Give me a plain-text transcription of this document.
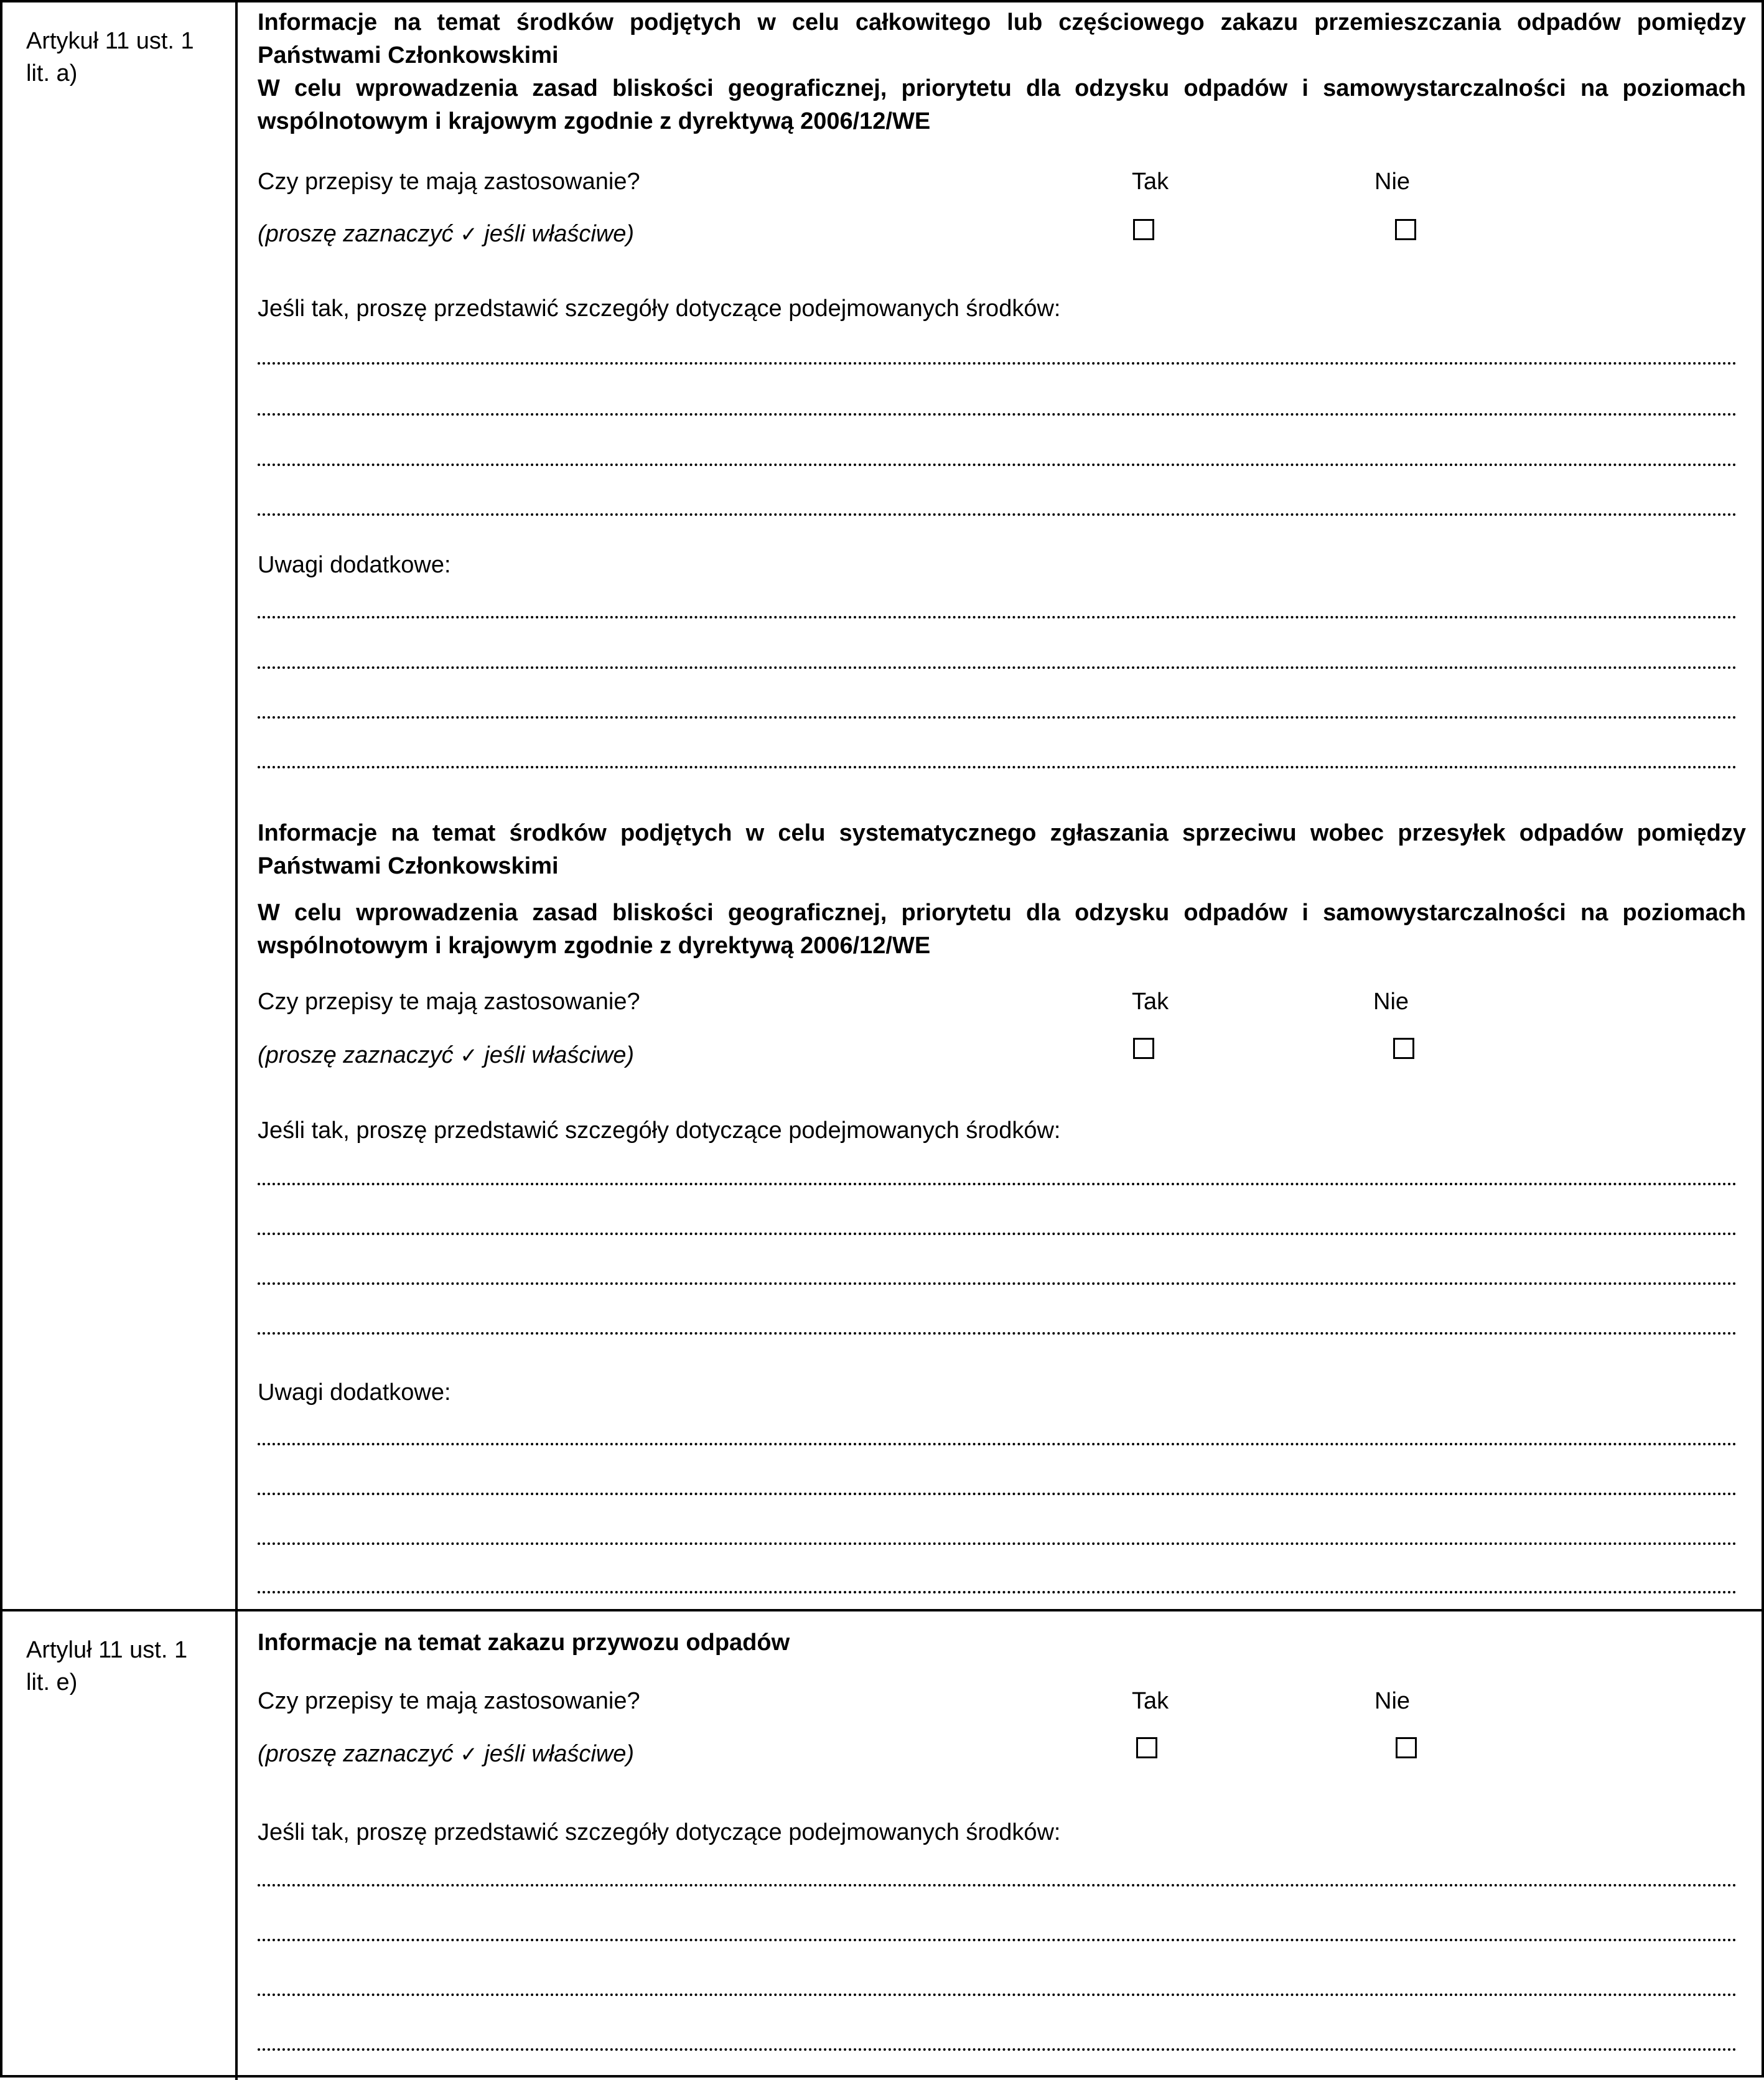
Artykuł 11 ust. 1 lit. a)
Informacje na temat środków podjętych w celu całkowitego lub częściowego zakazu przemieszczania odpadów pomiędzy Państwami Członkowskimi
W celu wprowadzenia zasad bliskości geograficznej, priorytetu dla odzysku odpadów i samowystarczalności na poziomach wspólnotowym i krajowym zgodnie z dyrektywą 2006/12/WE
Czy przepisy te mają zastosowanie?	Tak	Nie
(proszę zaznaczyć ✓ jeśli właściwe)
Jeśli tak, proszę przedstawić szczegóły dotyczące podejmowanych środków:
Uwagi dodatkowe:
Informacje na temat środków podjętych w celu systematycznego zgłaszania sprzeciwu wobec przesyłek odpadów pomiędzy Państwami Członkowskimi
W celu wprowadzenia zasad bliskości geograficznej, priorytetu dla odzysku odpadów i samowystarczalności na poziomach wspólnotowym i krajowym zgodnie z dyrektywą 2006/12/WE
Czy przepisy te mają zastosowanie?	Tak	Nie
(proszę zaznaczyć ✓ jeśli właściwe)
Jeśli tak, proszę przedstawić szczegóły dotyczące podejmowanych środków:
Uwagi dodatkowe:
Artyluł 11 ust. 1 lit. e)
Informacje na temat zakazu przywozu odpadów
Czy przepisy te mają zastosowanie?	Tak	Nie
(proszę zaznaczyć ✓ jeśli właściwe)
Jeśli tak, proszę przedstawić szczegóły dotyczące podejmowanych środków:
